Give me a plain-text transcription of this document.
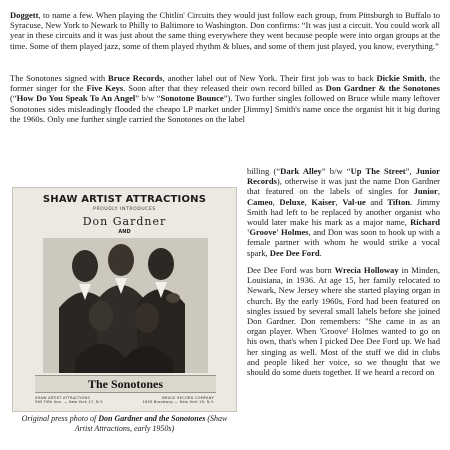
Doggett, to name a few. When playing the Chitlin' Circuits they would just follow each group, from Pittsburgh to Buffalo to Syracuse, New York to Newark to Philly to Baltimore to Washington. Don confirms: “It was just a circuit. You could work all year in these circuits and it was just about the same thing everywhere they went because people were into organ groups at the time. Some of them played jazz, some of them played rhythm & blues, and some of them just played, you know, everything.”

The Sonotones signed with Bruce Records, another label out of New York. Their first job was to back Dickie Smith, the former singer for the Five Keys. Soon after that they released their own record billed as Don Gardner & the Sonotones (“How Do You Speak To An Angel” b/w “Sonotone Bounce”). Two further singles followed on Bruce while many leftover Sonotones sides misleadingly flooded the cheapo LP market under [Jimmy] Smith's name once the organist hit it big during the 1960s. Only one further single carried the Sonotones on the label

billing (“Dark Alley” b/w “Up The Street”, Junior Records), otherwise it was just the name Don Gardner that featured on the labels of singles for Junior, Cameo, Deluxe, Kaiser, Val-ue and Tifton. Jimmy Smith had left to be replaced by another organist who would later make his mark as a major name, Richard 'Groove' Holmes, and Don was soon to hook up with a female partner with whom he would strike a vocal spark, Dee Dee Ford.

Dee Dee Ford was born Wrecia Holloway in Minden, Louisiana, in 1936. At age 15, her family relocated to Newark, New Jersey where she started playing organ in church. By the early 1960s, Ford had been featured on singles issued by several small labels before she joined Don Gardner. Don remembers: "She came in as an organ player. When 'Groove' Holmes wanted to go on his own, that's when I picked Dee Dee Ford up. We had her singing as well. Most of the stuff we did in clubs and people liked her voice, so we thought that we should do some duets together. If we heard a record on

SHAW ARTIST ATTRACTIONS
PROUDLY INTRODUCES
Don Gardner
AND
The Sonotones
SHAW ARTIST ATTRACTIONS
565 Fifth Ave. — New York 17, N.Y.
BRUCE RECORD COMPANY
1650 Broadway — New York 19, N.Y.
Original press photo of Don Gardner and the Sonotones (Shaw Artist Attractions, early 1950s)
